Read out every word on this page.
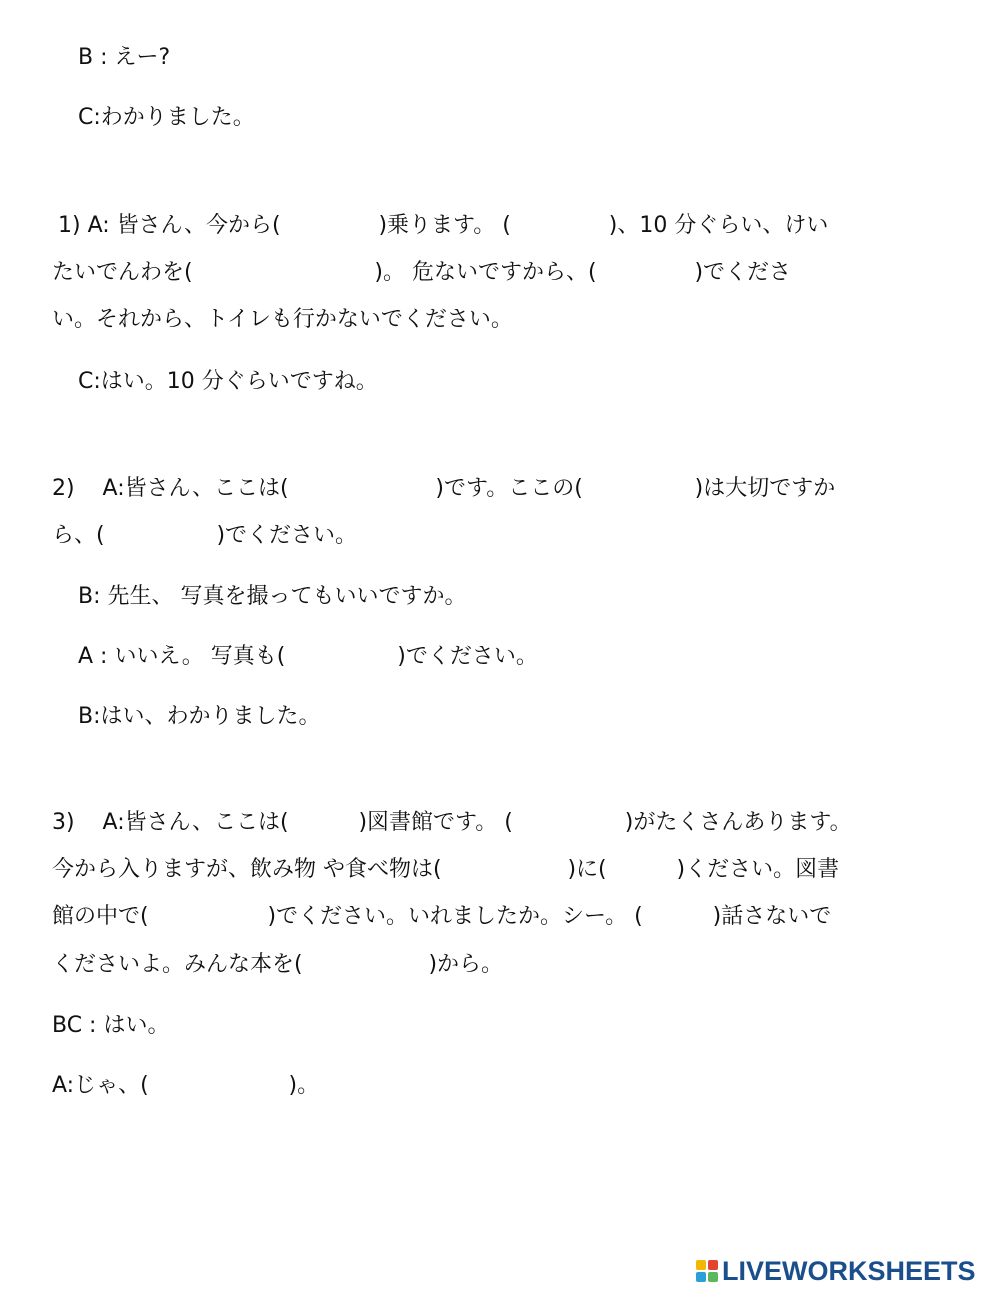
B : えー?
C:わかりました。
1) A: 皆さん、今から(              )乗ります。 (              )、10 分ぐらい、けい
たいでんわを(                          )。 危ないですから、(              )でくださ
い。それから、トイレも行かないでください。
C:はい。10 分ぐらいですね。
2)    A:皆さん、ここは(                     )です。ここの(                )は大切ですか
ら、(                )でください。
B: 先生、 写真を撮ってもいいですか。
A : いいえ。 写真も(                )でください。
B:はい、わかりました。
3)    A:皆さん、ここは(          )図書館です。 (                )がたくさんあります。
今から入りますが、飲み物 や食べ物は(                  )に(          )ください。図書
館の中で(                 )でください。いれましたか。シー。 (          )話さないで
くださいよ。みんな本を(                  )から。
BC : はい。
A:じゃ、(                    )。
LIVEWORKSHEETS
